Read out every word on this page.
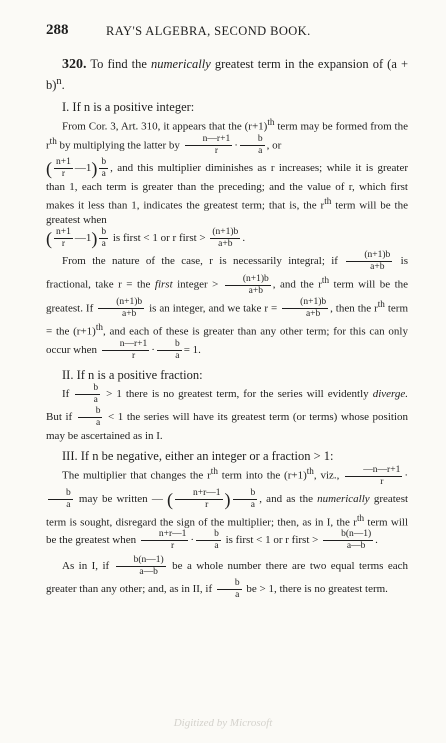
288	RAY'S ALGEBRA, SECOND BOOK.

320. To find the numerically greatest term in the expansion of $(a + b)^n$.

I. If n is a positive integer:

From Cor. 3, Art. 310, it appears that the $(r+1)^{th}$ term may be formed from the $r^{th}$ by multiplying the latter by $\frac{n—r+1}{r} \cdot \frac{b}{a}$ , or

( $\frac{n+1}{r}$ —1) $\frac{b}{a}$ , and this multiplier diminishes as r increases; while it is greater than 1, each term is greater than the preceding; and the value of r, which first makes it less than 1, indicates the greatest term; that is, the $r^{th}$ term will be the greatest when

( $\frac{n+1}{r}$ —1) $\frac{b}{a}$ is first < 1 or r first > $\frac{(n+1)b}{a+b}$ .

From the nature of the case, r is necessarily integral; if $\frac{(n+1)b}{a+b}$ is fractional, take r = the first integer > $\frac{(n+1)b}{a+b}$ , and the $r^{th}$ term will be the greatest. If $\frac{(n+1)b}{a+b}$ is an integer, and we take $r = \frac{(n+1)b}{a+b}$ , then the $r^{th}$ term = the $(r+1)^{th}$, and each of these is greater than any other term; for this can only occur when $\frac{n—r+1}{r} \cdot \frac{b}{a} = 1$.

II. If n is a positive fraction:

If $\frac{b}{a} > 1$ there is no greatest term, for the series will evidently diverge. But if $\frac{b}{a} < 1$ the series will have its greatest term (or terms) whose position may be ascertained as in I.

III. If n be negative, either an integer or a fraction > 1:

The multiplier that changes the $r^{th}$ term into the $(r+1)^{th}$, viz., $\frac{—n—r+1}{r}$ ·
$\frac{b}{a}$ may be written — ( $\frac{n+r—1}{r}$ ) $\frac{b}{a}$ , and as the numerically greatest term is sought, disregard the sign of the multiplier; then, as in I, the $r^{th}$ term will be the greatest when $\frac{n+r—1}{r} \cdot \frac{b}{a}$ is first < 1 or r first > $\frac{b(n—1)}{a—b}$ .

As in I, if $\frac{b(n—1)}{a—b}$ be a whole number there are two equal terms each greater than any other; and, as in II, if $\frac{b}{a}$ be > 1, there is no greatest term.

Digitized by Microsoft
